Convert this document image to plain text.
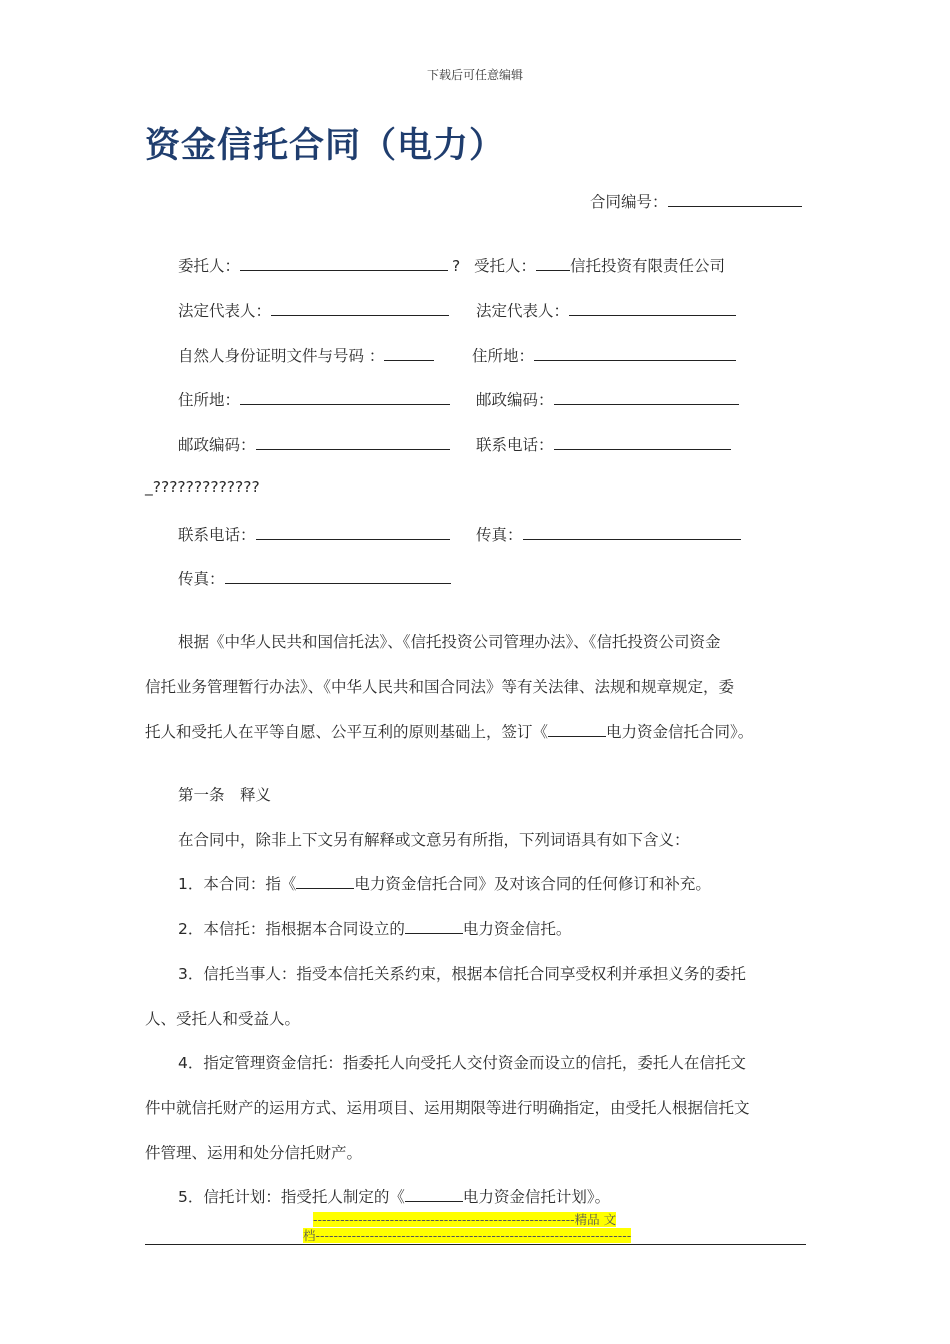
下载后可任意编辑
资金信托合同（电力）
合同编号：
委托人：	? 受托人： 信托投资有限责任公司
法定代表人：	法定代表人：
自然人身份证明文件与号码 ：	住所地：
住所地：	邮政编码：
邮政编码：	联系电话：
_?????????????
联系电话：	传真：
传真：
根据《中华人民共和国信托法》、《信托投资公司管理办法》、《信托投资公司资金
信托业务管理暂行办法》、《中华人民共和国合同法》等有关法律、法规和规章规定，委
托人和受托人在平等自愿、公平互利的原则基础上，签订《	电力资金信托合同》。
第一条　释义
在合同中，除非上下文另有解释或文意另有所指，下列词语具有如下含义：
1．本合同：指《	电力资金信托合同》及对该合同的任何修订和补充。
2．本信托：指根据本合同设立的	电力资金信托。
3．信托当事人：指受本信托关系约束，根据本信托合同享受权利并承担义务的委托
人、受托人和受益人。
4．指定管理资金信托：指委托人向受托人交付资金而设立的信托，委托人在信托文
件中就信托财产的运用方式、运用项目、运用期限等进行明确指定，由受托人根据信托文
件管理、运用和处分信托财产。
5．信托计划：指受托人制定的《	电力资金信托计划》。
----------------------------------------------------------精品 文
档----------------------------------------------------------------------
